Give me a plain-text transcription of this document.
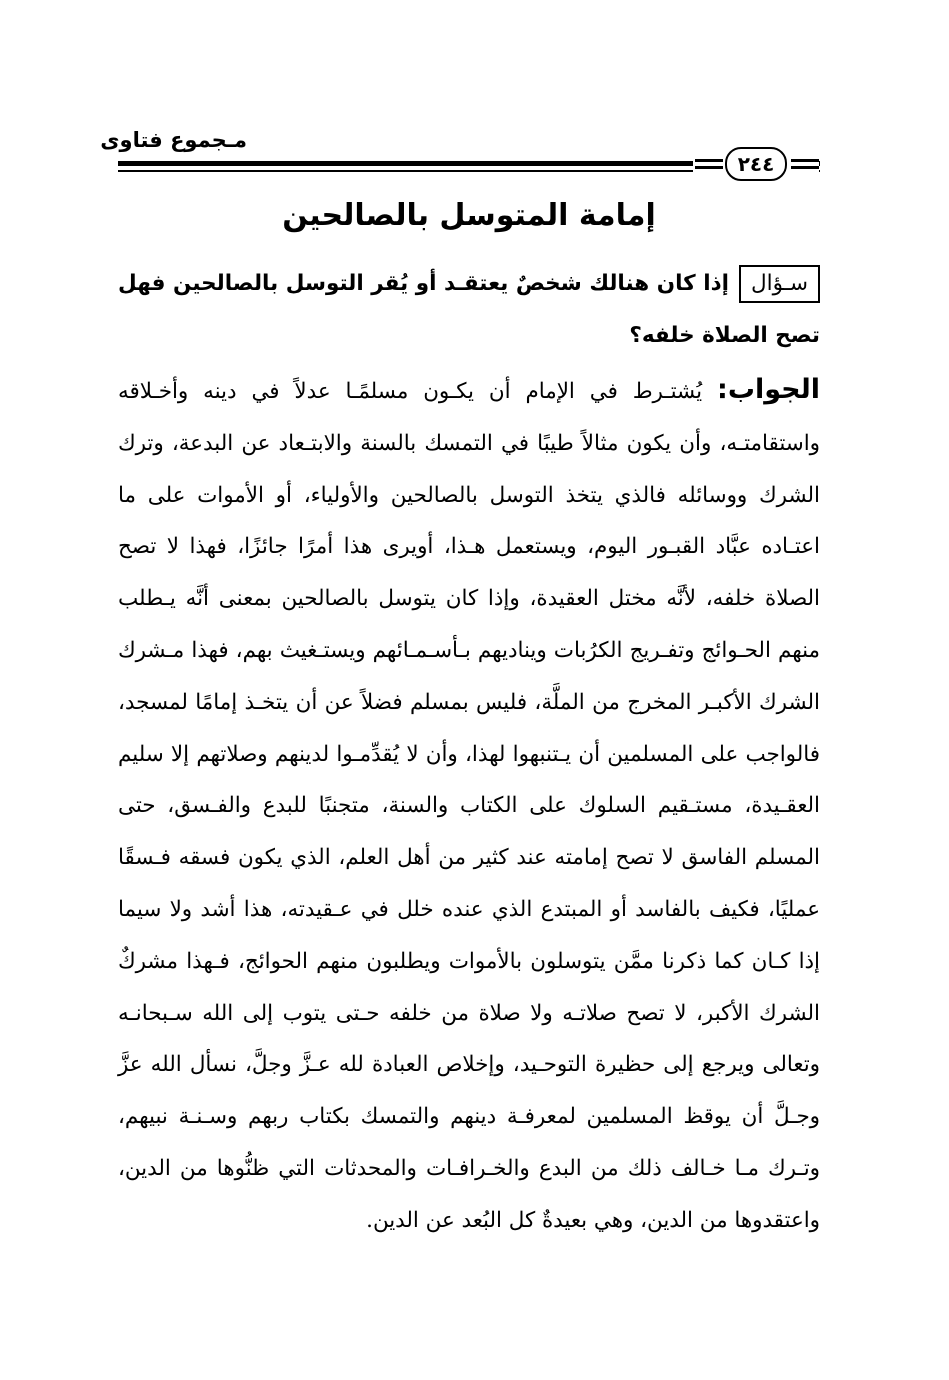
مـجموع فتاوى
٢٤٤
إمامة المتوسل بالصالحين
سـؤالإذا كان هنالك شخصٌ يعتقـد أو يُقر التوسل بالصالحين فهل تصح الصلاة خلفه؟
الجواب: يُشتـرط في الإمام أن يكـون مسلمًـا عدلاً في دينه وأخـلاقه واستقامتـه، وأن يكون مثالاً طيبًا في التمسك بالسنة والابتـعاد عن البدعة، وترك الشرك ووسائله فالذي يتخذ التوسل بالصالحين والأولياء، أو الأموات على ما اعتـاده عبَّاد القبـور اليوم، ويستعمل هـذا، أويرى هذا أمرًا جائزًا، فهذا لا تصح الصلاة خلفه، لأنَّه مختل العقيدة، وإذا كان يتوسل بالصالحين بمعنى أنَّه يـطلب منهم الحـوائج وتفـريج الكرُبات ويناديهم بـأسـمـائهم ويستـغيث بهم، فهذا مـشرك الشرك الأكبـر المخرج من الملَّة، فليس بمسلم فضلاً عن أن يتخـذ إمامًا لمسجد، فالواجب على المسلمين أن يـتنبهوا لهذا، وأن لا يُقدِّمـوا لدينهم وصلاتهم إلا سليم العقـيدة، مستـقيم السلوك على الكتاب والسنة، متجنبًا للبدع والفـسق، حتى المسلم الفاسق لا تصح إمامته عند كثير من أهل العلم، الذي يكون فسقه فـسقًا عمليًا، فكيف بالفاسد أو المبتدع الذي عنده خلل في عـقيدته، هذا أشد ولا سيما إذا كـان كما ذكرنا ممَّن يتوسلون بالأموات ويطلبون منهم الحوائج، فـهذا مشركٌ الشرك الأكبر، لا تصح صلاتـه ولا صلاة من خلفه حـتى يتوب إلى الله سـبحانـه وتعالى ويرجع إلى حظيرة التوحـيد، وإخلاص العبادة لله عـزَّ وجلَّ، نسأل الله عزَّ وجـلَّ أن يوقظ المسلمين لمعرفـة دينهم والتمسك بكتاب ربهم وسـنـة نبيهم، وتـرك مـا خـالف ذلك من البدع والخـرافـات والمحدثات التي ظنُّوها من الدين، واعتقدوها من الدين، وهي بعيدةٌ كل البُعد عن الدين.
